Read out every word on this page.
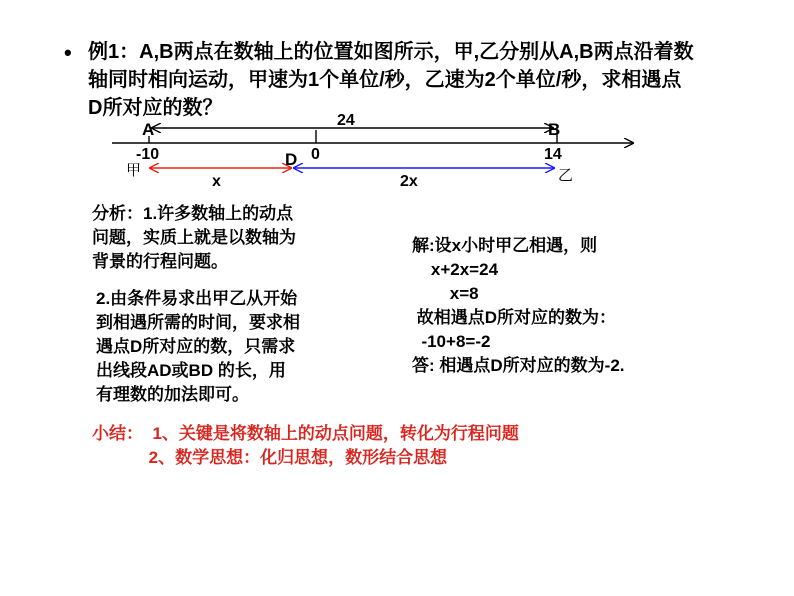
• 例1：A,B两点在数轴上的位置如图所示，甲,乙分别从A,B两点沿着数
轴同时相向运动，甲速为1个单位/秒，乙速为2个单位/秒，求相遇点
D所对应的数？
A	B
24
-10	0	14
D
甲	乙
x	2x
分析：1.许多数轴上的动点
问题，实质上就是以数轴为
背景的行程问题。
2.由条件易求出甲乙从开始
到相遇所需的时间，要求相
遇点D所对应的数，只需求
出线段AD或BD 的长，用
有理数的加法即可。
解:设x小时甲乙相遇，则
x+2x=24
x=8
故相遇点D所对应的数为：
-10+8=-2
答: 相遇点D所对应的数为-2.
小结：  1、关键是将数轴上的动点问题，转化为行程问题
2、数学思想：化归思想，数形结合思想
